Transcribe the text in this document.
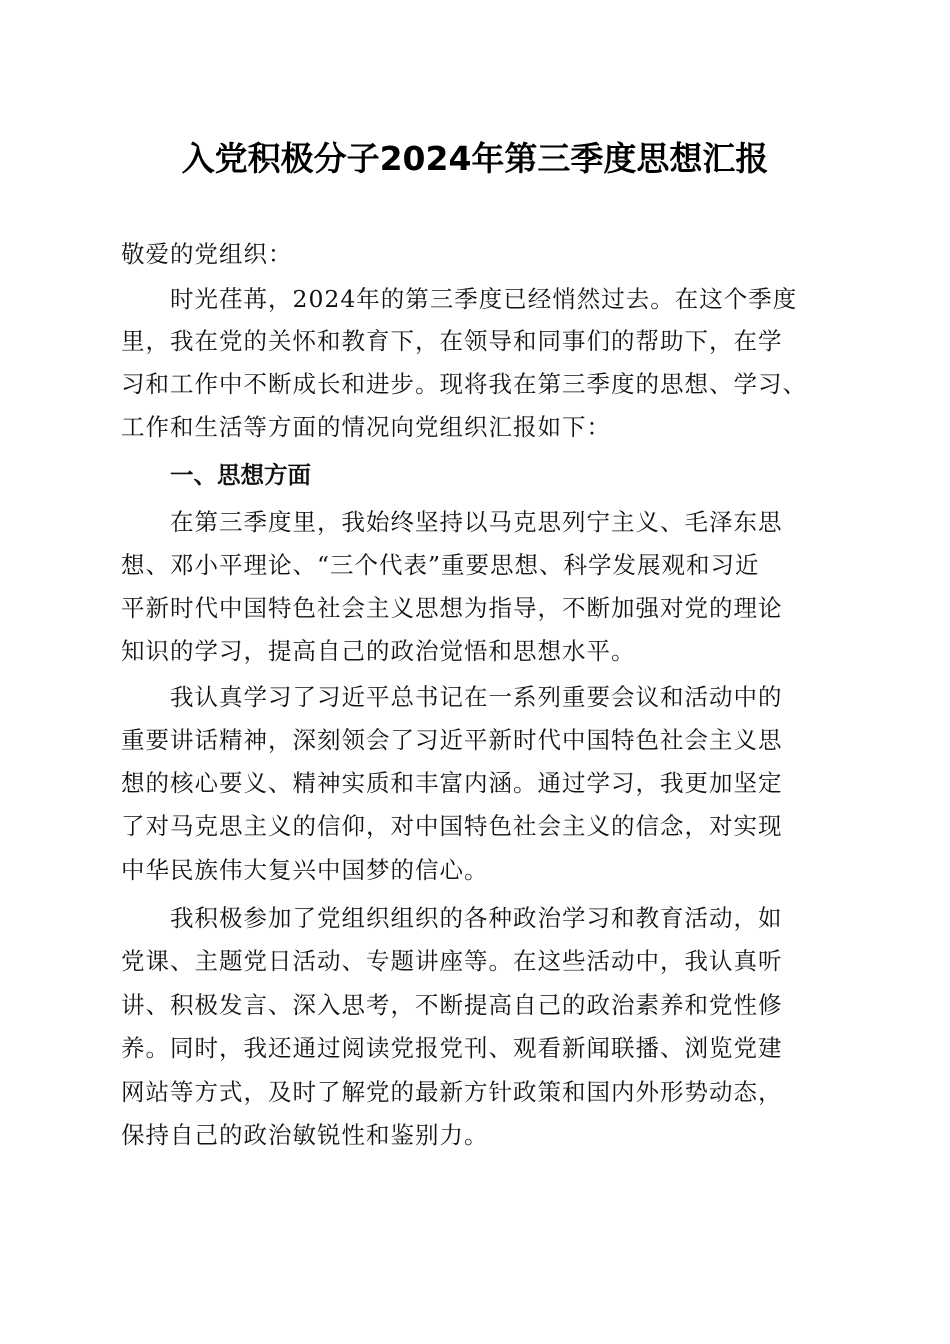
入党积极分子2024年第三季度思想汇报
敬爱的党组织：
时光荏苒，2024年的第三季度已经悄然过去。在这个季度
里，我在党的关怀和教育下，在领导和同事们的帮助下，在学
习和工作中不断成长和进步。现将我在第三季度的思想、学习、
工作和生活等方面的情况向党组织汇报如下：
一、思想方面
在第三季度里，我始终坚持以马克思列宁主义、毛泽东思
想、邓小平理论、“三个代表”重要思想、科学发展观和习近
平新时代中国特色社会主义思想为指导，不断加强对党的理论
知识的学习，提高自己的政治觉悟和思想水平。
我认真学习了习近平总书记在一系列重要会议和活动中的
重要讲话精神，深刻领会了习近平新时代中国特色社会主义思
想的核心要义、精神实质和丰富内涵。通过学习，我更加坚定
了对马克思主义的信仰，对中国特色社会主义的信念，对实现
中华民族伟大复兴中国梦的信心。
我积极参加了党组织组织的各种政治学习和教育活动，如
党课、主题党日活动、专题讲座等。在这些活动中，我认真听
讲、积极发言、深入思考，不断提高自己的政治素养和党性修
养。同时，我还通过阅读党报党刊、观看新闻联播、浏览党建
网站等方式，及时了解党的最新方针政策和国内外形势动态，
保持自己的政治敏锐性和鉴别力。
